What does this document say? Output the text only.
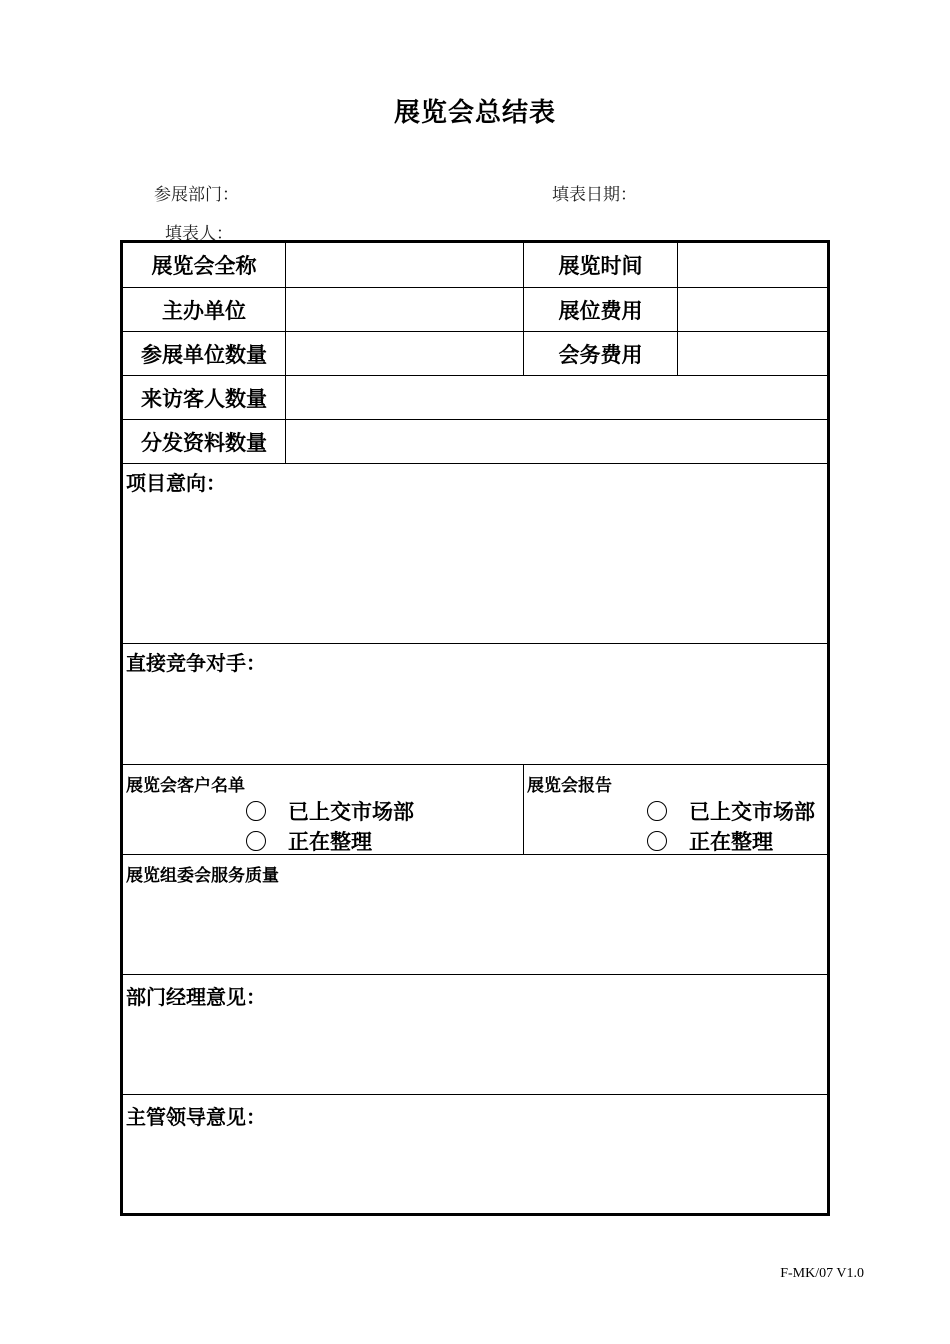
展览会总结表
参展部门：	填表日期：
填表人：
展览会全称	展览时间
主办单位	展位费用
参展单位数量	会务费用
来访客人数量
分发资料数量
项目意向：
直接竞争对手：
展览会客户名单
已上交市场部
正在整理
展览会报告
已上交市场部
正在整理
展览组委会服务质量
部门经理意见：
主管领导意见：
F-MK/07 V1.0
